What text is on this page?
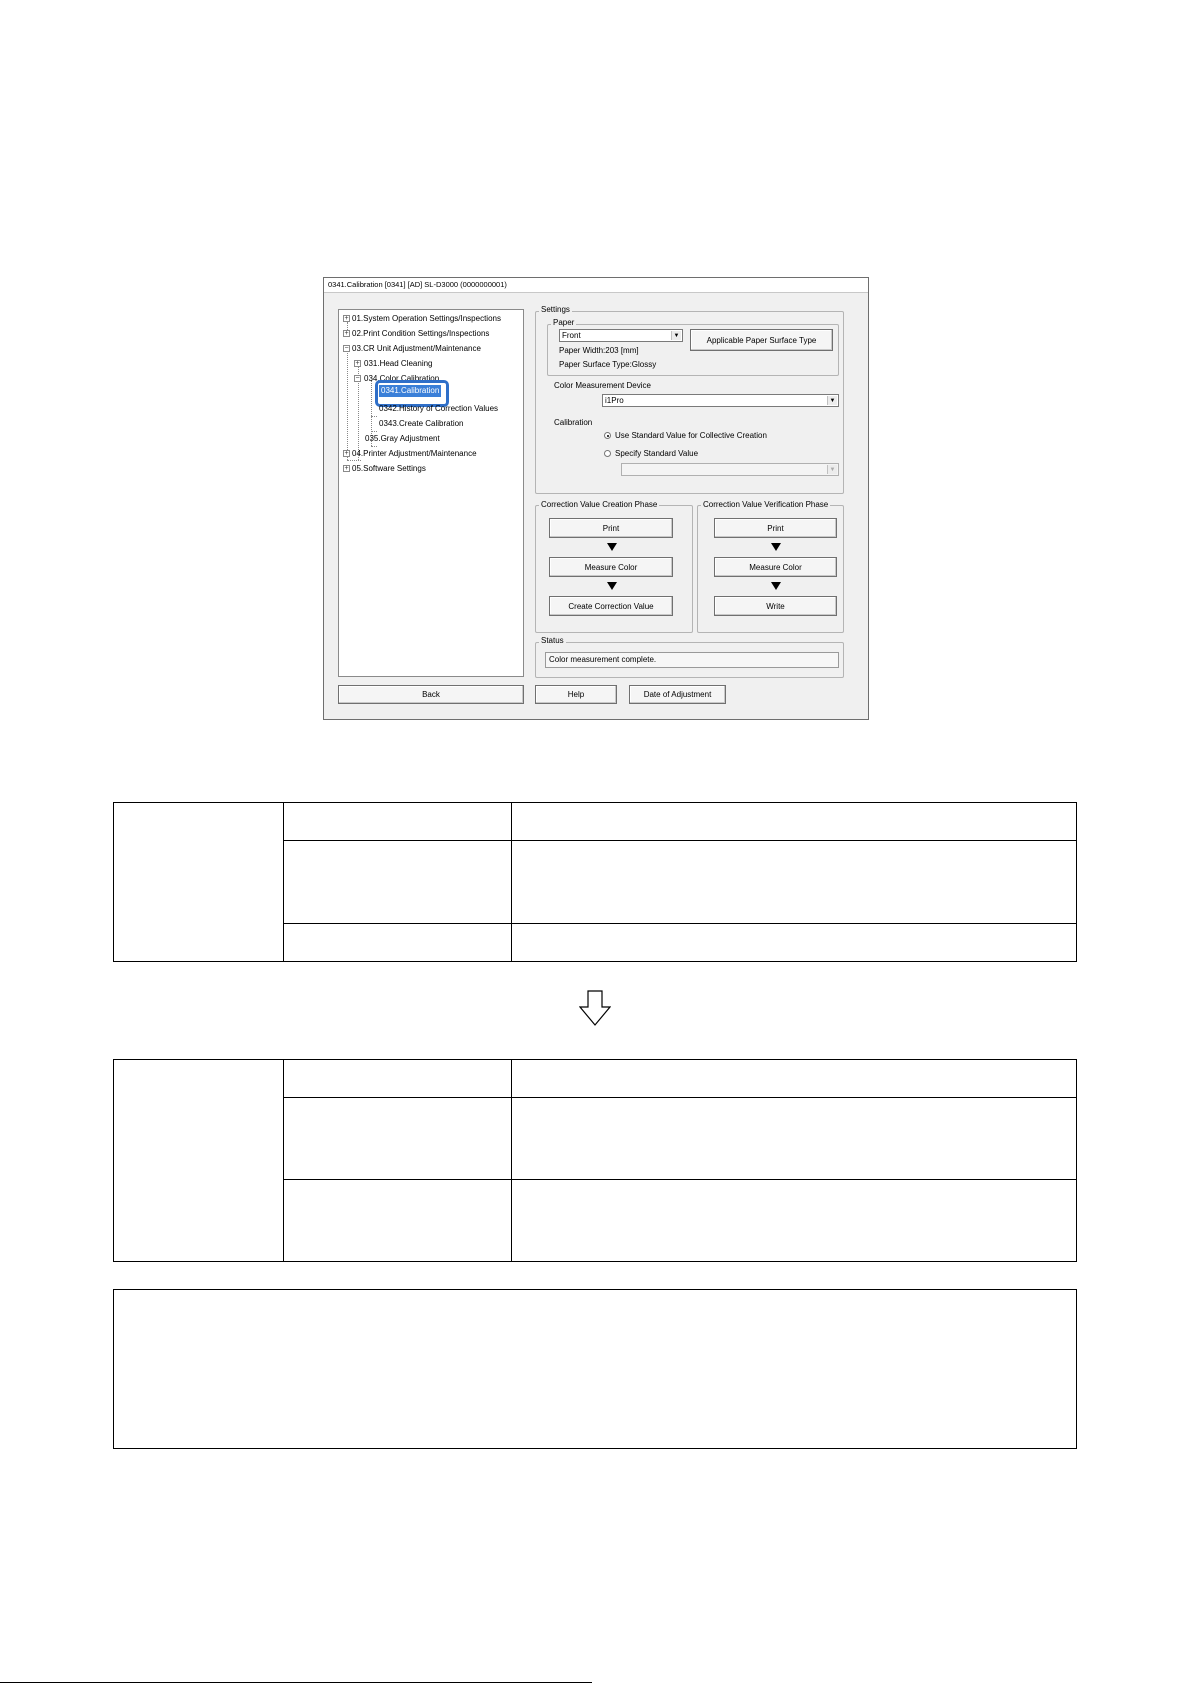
0341.Calibration [0341] [AD] SL-D3000 (0000000001)
+ 01.System Operation Settings/Inspections
+ 02.Print Condition Settings/Inspections
− 03.CR Unit Adjustment/Maintenance
+ 031.Head Cleaning
− 034.Color Calibration
0341.Calibration
0342.History of Correction Values
0343.Create Calibration
035.Gray Adjustment
+ 04.Printer Adjustment/Maintenance
+ 05.Software Settings
Settings
Paper
Front	▼	Applicable Paper Surface Type
Paper Width:203 [mm]
Paper Surface Type:Glossy
Color Measurement Device
i1Pro	▼
Calibration
Use Standard Value for Collective Creation
Specify Standard Value
▼
Correction Value Creation Phase
Print
Measure Color
Create Correction Value
Correction Value Verification Phase
Print
Measure Color
Write
Status
Color measurement complete.
Back	Help	Date of Adjustment
